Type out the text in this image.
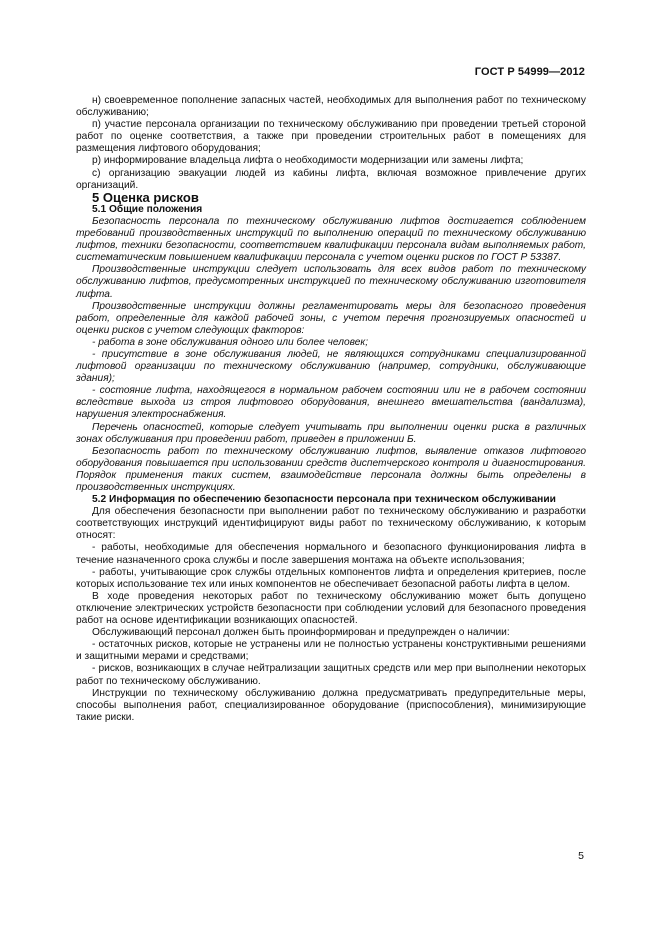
ГОСТ Р 54999—2012

н) своевременное пополнение запасных частей, необходимых для выполнения работ по техническому обслуживанию;

п) участие персонала организации по техническому обслуживанию при проведении третьей стороной работ по оценке соответствия, а также при проведении строительных работ в помещениях для размещения лифтового оборудования;

р) информирование владельца лифта о необходимости модернизации или замены лифта;

с) организацию эвакуации людей из кабины лифта, включая возможное привлечение других организаций.

5 Оценка рисков

5.1 Общие положения

Безопасность персонала по техническому обслуживанию лифтов достигается соблюдением требований производственных инструкций по выполнению операций по техническому обслуживанию лифтов, техники безопасности, соответствием квалификации персонала видам выполняемых работ, систематическим повышением квалификации персонала с учетом оценки рисков по ГОСТ Р 53387.

Производственные инструкции следует использовать для всех видов работ по техническому обслуживанию лифтов, предусмотренных инструкцией по техническому обслуживанию изготовителя лифта.

Производственные инструкции должны регламентировать меры для безопасного проведения работ, определенные для каждой рабочей зоны, с учетом перечня прогнозируемых опасностей и оценки рисков с учетом следующих факторов:

- работа в зоне обслуживания одного или более человек;

- присутствие в зоне обслуживания людей, не являющихся сотрудниками специализированной лифтовой организации по техническому обслуживанию (например, сотрудники, обслуживающие здания);

- состояние лифта, находящегося в нормальном рабочем состоянии или не в рабочем состоянии вследствие выхода из строя лифтового оборудования, внешнего вмешательства (вандализма), нарушения электроснабжения.

Перечень опасностей, которые следует учитывать при выполнении оценки риска в различных зонах обслуживания при проведении работ, приведен в приложении Б.

Безопасность работ по техническому обслуживанию лифтов, выявление отказов лифтового оборудования повышается при использовании средств диспетчерского контроля и диагностирования. Порядок применения таких систем, взаимодействие персонала должны быть определены в производственных инструкциях.

5.2 Информация по обеспечению безопасности персонала при техническом обслуживании

Для обеспечения безопасности при выполнении работ по техническому обслуживанию и разработки соответствующих инструкций идентифицируют виды работ по техническому обслуживанию, к которым относят:

- работы, необходимые для обеспечения нормального и безопасного функционирования лифта в течение назначенного срока службы и после завершения монтажа на объекте использования;

- работы, учитывающие срок службы отдельных компонентов лифта и определения критериев, после которых использование тех или иных компонентов не обеспечивает безопасной работы лифта в целом.

В ходе проведения некоторых работ по техническому обслуживанию может быть допущено отключение электрических устройств безопасности при соблюдении условий для безопасного проведения работ на основе идентификации возникающих опасностей.

Обслуживающий персонал должен быть проинформирован и предупрежден о наличии:

- остаточных рисков, которые не устранены или не полностью устранены конструктивными решениями и защитными мерами и средствами;

- рисков, возникающих в случае нейтрализации защитных средств или мер при выполнении некоторых работ по техническому обслуживанию.

Инструкции по техническому обслуживанию должна предусматривать предупредительные меры, способы выполнения работ, специализированное оборудование (приспособления), минимизирующие такие риски.

5
